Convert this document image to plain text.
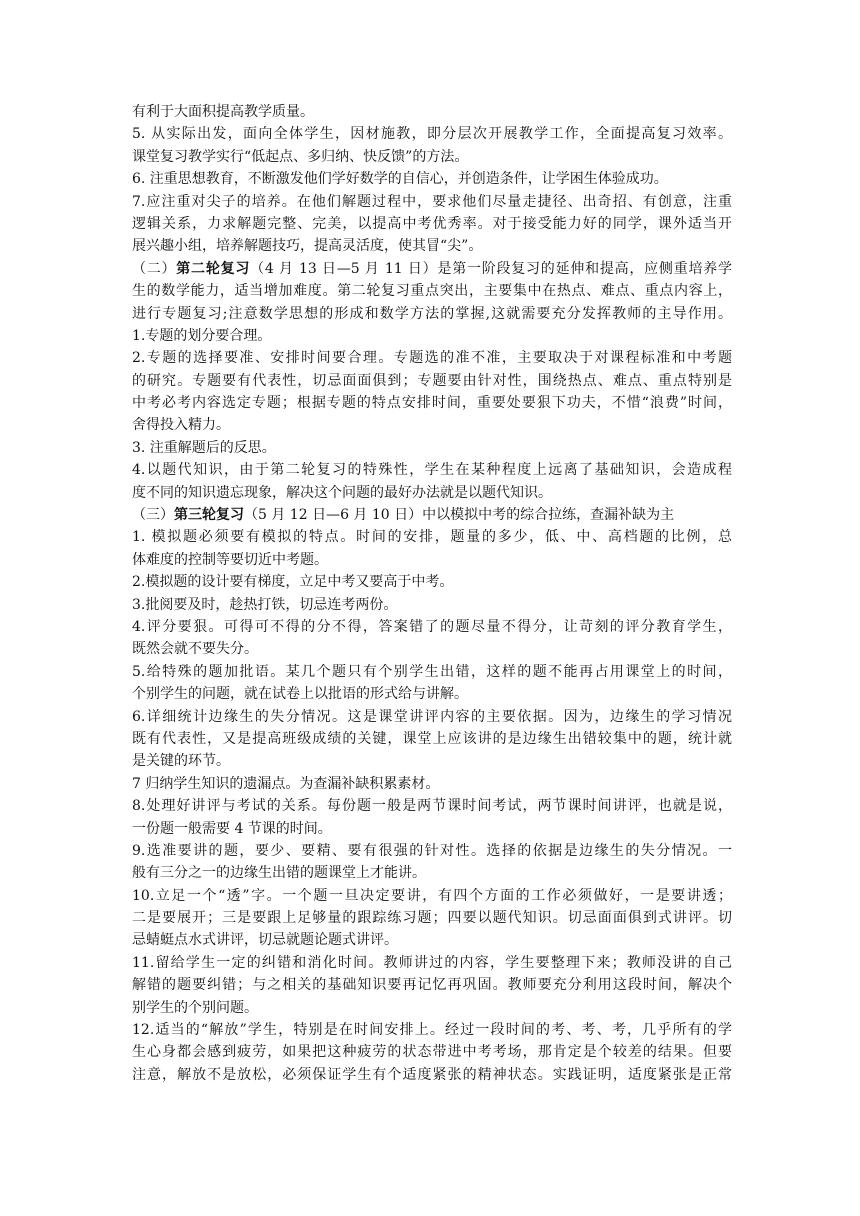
有利于大面积提高教学质量。
5. 从实际出发，面向全体学生，因材施教，即分层次开展教学工作，全面提高复习效率。
课堂复习教学实行“低起点、多归纳、快反馈”的方法。
6. 注重思想教育，不断激发他们学好数学的自信心，并创造条件，让学困生体验成功。
7.应注重对尖子的培养。在他们解题过程中，要求他们尽量走捷径、出奇招、有创意，注重
逻辑关系，力求解题完整、完美，以提高中考优秀率。对于接受能力好的同学，课外适当开
展兴趣小组，培养解题技巧，提高灵活度，使其冒“尖”。
（二）第二轮复习（4 月 13 日—5 月 11 日）是第一阶段复习的延伸和提高，应侧重培养学
生的数学能力，适当增加难度。第二轮复习重点突出，主要集中在热点、难点、重点内容上，
进行专题复习;注意数学思想的形成和数学方法的掌握,这就需要充分发挥教师的主导作用。
1.专题的划分要合理。
2.专题的选择要准、安排时间要合理。专题选的准不准，主要取决于对课程标准和中考题
的研究。专题要有代表性，切忌面面俱到；专题要由针对性，围绕热点、难点、重点特别是
中考必考内容选定专题；根据专题的特点安排时间，重要处要狠下功夫，不惜“浪费”时间，
舍得投入精力。
3. 注重解题后的反思。
4.以题代知识，由于第二轮复习的特殊性，学生在某种程度上远离了基础知识，会造成程
度不同的知识遗忘现象，解决这个问题的最好办法就是以题代知识。
（三）第三轮复习（5 月 12 日—6 月 10 日）中以模拟中考的综合拉练，查漏补缺为主
1. 模拟题必须要有模拟的特点。时间的安排，题量的多少，低、中、高档题的比例，总
体难度的控制等要切近中考题。
2.模拟题的设计要有梯度，立足中考又要高于中考。
3.批阅要及时，趁热打铁，切忌连考两份。
4.评分要狠。可得可不得的分不得，答案错了的题尽量不得分，让苛刻的评分教育学生，
既然会就不要失分。
5.给特殊的题加批语。某几个题只有个别学生出错，这样的题不能再占用课堂上的时间，
个别学生的问题，就在试卷上以批语的形式给与讲解。
6.详细统计边缘生的失分情况。这是课堂讲评内容的主要依据。因为，边缘生的学习情况
既有代表性，又是提高班级成绩的关键，课堂上应该讲的是边缘生出错较集中的题，统计就
是关键的环节。
7 归纳学生知识的遗漏点。为查漏补缺积累素材。
8.处理好讲评与考试的关系。每份题一般是两节课时间考试，两节课时间讲评，也就是说，
一份题一般需要 4 节课的时间。
9.选准要讲的题，要少、要精、要有很强的针对性。选择的依据是边缘生的失分情况。一
般有三分之一的边缘生出错的题课堂上才能讲。
10.立足一个“透”字。一个题一旦决定要讲，有四个方面的工作必须做好，一是要讲透；
二是要展开；三是要跟上足够量的跟踪练习题；四要以题代知识。切忌面面俱到式讲评。切
忌蜻蜓点水式讲评，切忌就题论题式讲评。
11.留给学生一定的纠错和消化时间。教师讲过的内容，学生要整理下来；教师没讲的自己
解错的题要纠错；与之相关的基础知识要再记忆再巩固。教师要充分利用这段时间，解决个
别学生的个别问题。
12.适当的“解放”学生，特别是在时间安排上。经过一段时间的考、考、考，几乎所有的学
生心身都会感到疲劳，如果把这种疲劳的状态带进中考考场，那肯定是个较差的结果。但要
注意，解放不是放松，必须保证学生有个适度紧张的精神状态。实践证明，适度紧张是正常
